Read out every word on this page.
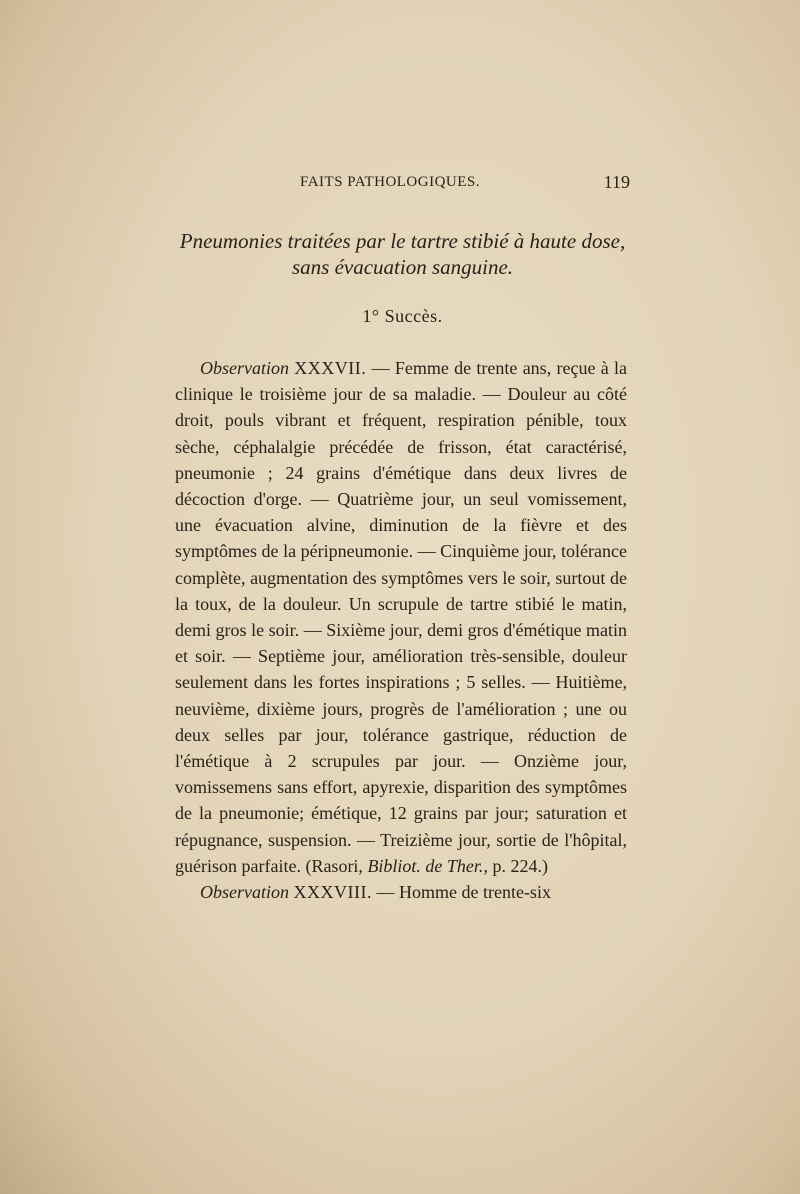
FAITS PATHOLOGIQUES.	119
Pneumonies traitées par le tartre stibié à haute dose,
sans évacuation sanguine.
1° Succès.

Observation XXXVII. — Femme de trente ans, reçue à la clinique le troisième jour de sa maladie. — Douleur au côté droit, pouls vibrant et fréquent, respiration pénible, toux sèche, céphalalgie précédée de frisson, état caractérisé, pneumonie ; 24 grains d'émétique dans deux livres de décoction d'orge. — Quatrième jour, un seul vomissement, une évacuation alvine, diminution de la fièvre et des symptômes de la péripneumonie. — Cinquième jour, tolérance complète, augmentation des symptômes vers le soir, surtout de la toux, de la douleur. Un scrupule de tartre stibié le matin, demi gros le soir. — Sixième jour, demi gros d'émétique matin et soir. — Septième jour, amélioration très-sensible, douleur seulement dans les fortes inspirations ; 5 selles. — Huitième, neuvième, dixième jours, progrès de l'amélioration ; une ou deux selles par jour, tolérance gastrique, réduction de l'émétique à 2 scrupules par jour. — Onzième jour, vomissemens sans effort, apyrexie, disparition des symptômes de la pneumonie; émétique, 12 grains par jour; saturation et répugnance, suspension. — Treizième jour, sortie de l'hôpital, guérison parfaite. (Rasori, Bibliot. de Ther., p. 224.)

Observation XXXVIII. — Homme de trente-six
